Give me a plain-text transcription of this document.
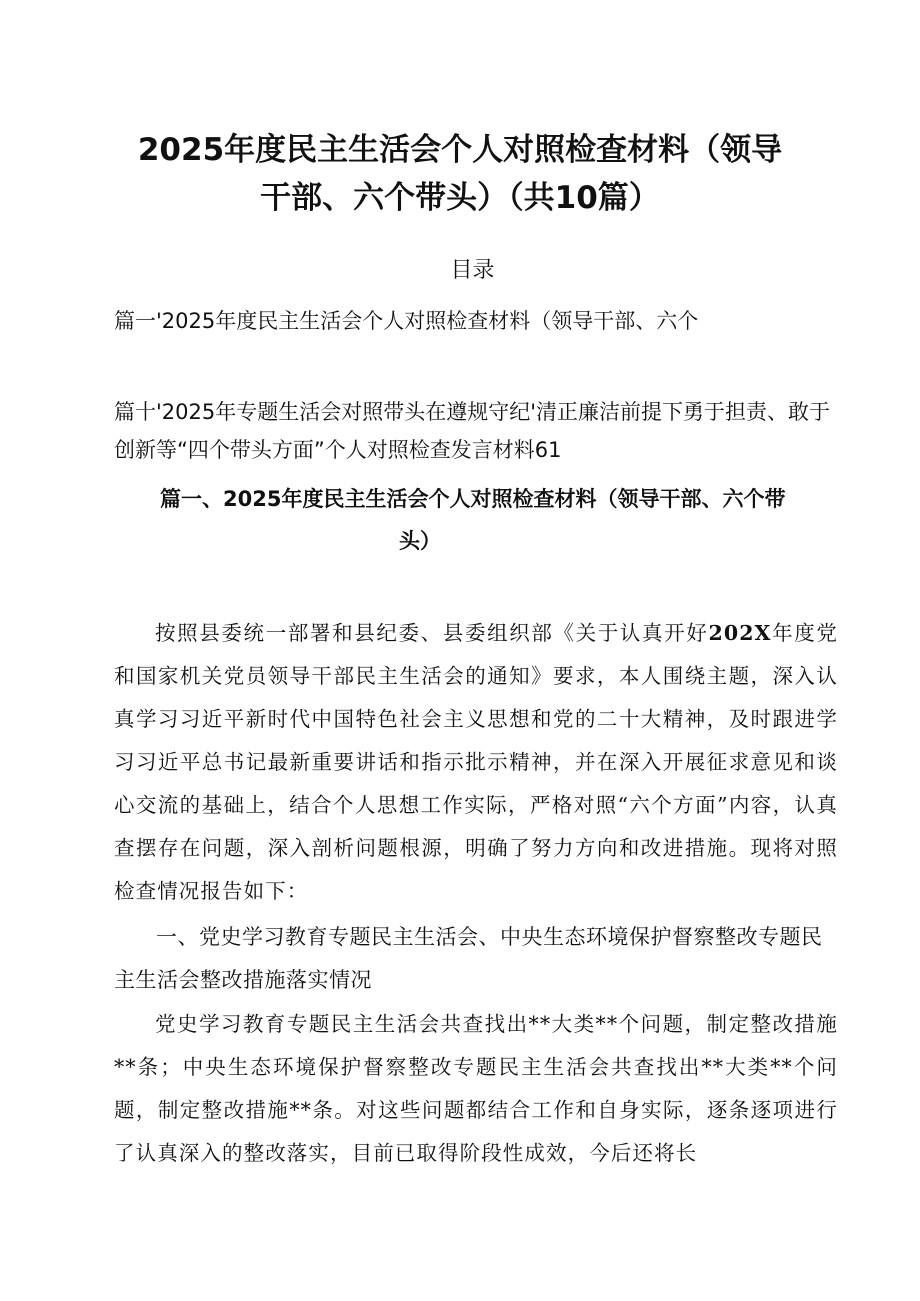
2025年度民主生活会个人对照检查材料（领导
干部、六个带头）（共10篇）
目录
篇一'2025年度民主生活会个人对照检查材料（领导干部、六个
篇十'2025年专题生活会对照带头在遵规守纪'清正廉洁前提下勇于担责、敢于创新等“四个带头方面”个人对照检查发言材料61
篇一、2025年度民主生活会个人对照检查材料（领导干部、六个带
头）
按照县委统一部署和县纪委、县委组织部《关于认真开好202X年度党和国家机关党员领导干部民主生活会的通知》要求，本人围绕主题，深入认真学习习近平新时代中国特色社会主义思想和党的二十大精神，及时跟进学习习近平总书记最新重要讲话和指示批示精神，并在深入开展征求意见和谈心交流的基础上，结合个人思想工作实际，严格对照“六个方面”内容，认真查摆存在问题，深入剖析问题根源，明确了努力方向和改进措施。现将对照检查情况报告如下：
一、党史学习教育专题民主生活会、中央生态环境保护督察整改专题民主生活会整改措施落实情况
党史学习教育专题民主生活会共查找出**大类**个问题，制定整改措施**条；中央生态环境保护督察整改专题民主生活会共查找出**大类**个问题，制定整改措施**条。对这些问题都结合工作和自身实际，逐条逐项进行了认真深入的整改落实，目前已取得阶段性成效，今后还将长
